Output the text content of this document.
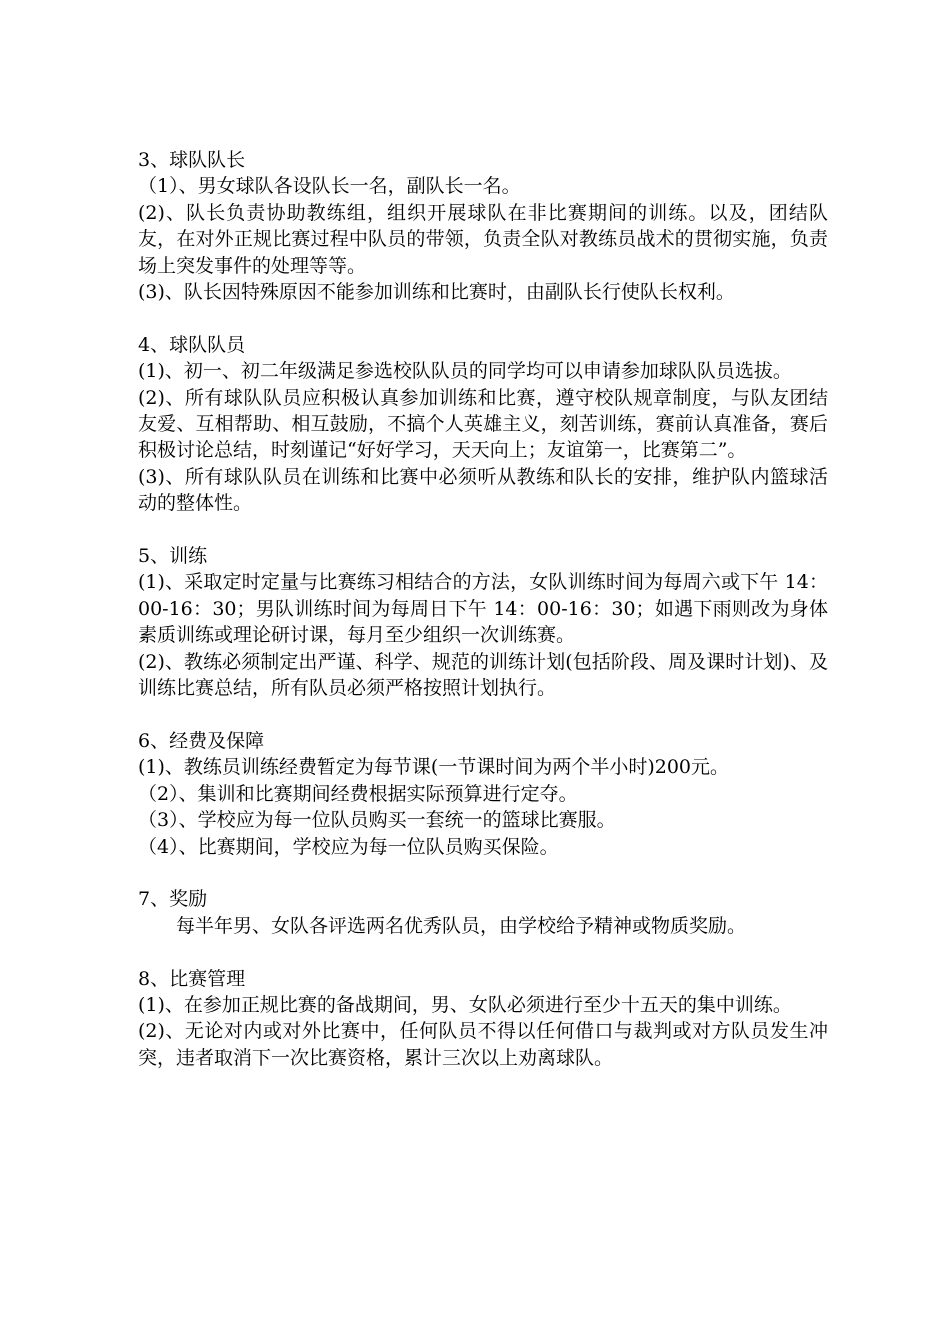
3、球队队长

（1）、男女球队各设队长一名，副队长一名。

(2)、队长负责协助教练组，组织开展球队在非比赛期间的训练。以及，团结队友，在对外正规比赛过程中队员的带领，负责全队对教练员战术的贯彻实施，负责场上突发事件的处理等等。

(3)、队长因特殊原因不能参加训练和比赛时，由副队长行使队长权利。

4、球队队员

(1)、初一、初二年级满足参选校队队员的同学均可以申请参加球队队员选拔。

(2)、所有球队队员应积极认真参加训练和比赛，遵守校队规章制度，与队友团结友爱、互相帮助、相互鼓励，不搞个人英雄主义，刻苦训练，赛前认真准备，赛后积极讨论总结，时刻谨记“好好学习，天天向上；友谊第一，比赛第二”。

(3)、所有球队队员在训练和比赛中必须听从教练和队长的安排，维护队内篮球活动的整体性。

5、训练

(1)、采取定时定量与比赛练习相结合的方法，女队训练时间为每周六或下午 14：00-16：30；男队训练时间为每周日下午 14：00-16：30；如遇下雨则改为身体素质训练或理论研讨课，每月至少组织一次训练赛。

(2)、教练必须制定出严谨、科学、规范的训练计划(包括阶段、周及课时计划)、及训练比赛总结，所有队员必须严格按照计划执行。

6、经费及保障

(1)、教练员训练经费暂定为每节课(一节课时间为两个半小时)200元。

（2）、集训和比赛期间经费根据实际预算进行定夺。

（3）、学校应为每一位队员购买一套统一的篮球比赛服。

（4）、比赛期间，学校应为每一位队员购买保险。

7、奖励

每半年男、女队各评选两名优秀队员，由学校给予精神或物质奖励。

8、比赛管理

(1)、在参加正规比赛的备战期间，男、女队必须进行至少十五天的集中训练。

(2)、无论对内或对外比赛中，任何队员不得以任何借口与裁判或对方队员发生冲突，违者取消下一次比赛资格，累计三次以上劝离球队。
